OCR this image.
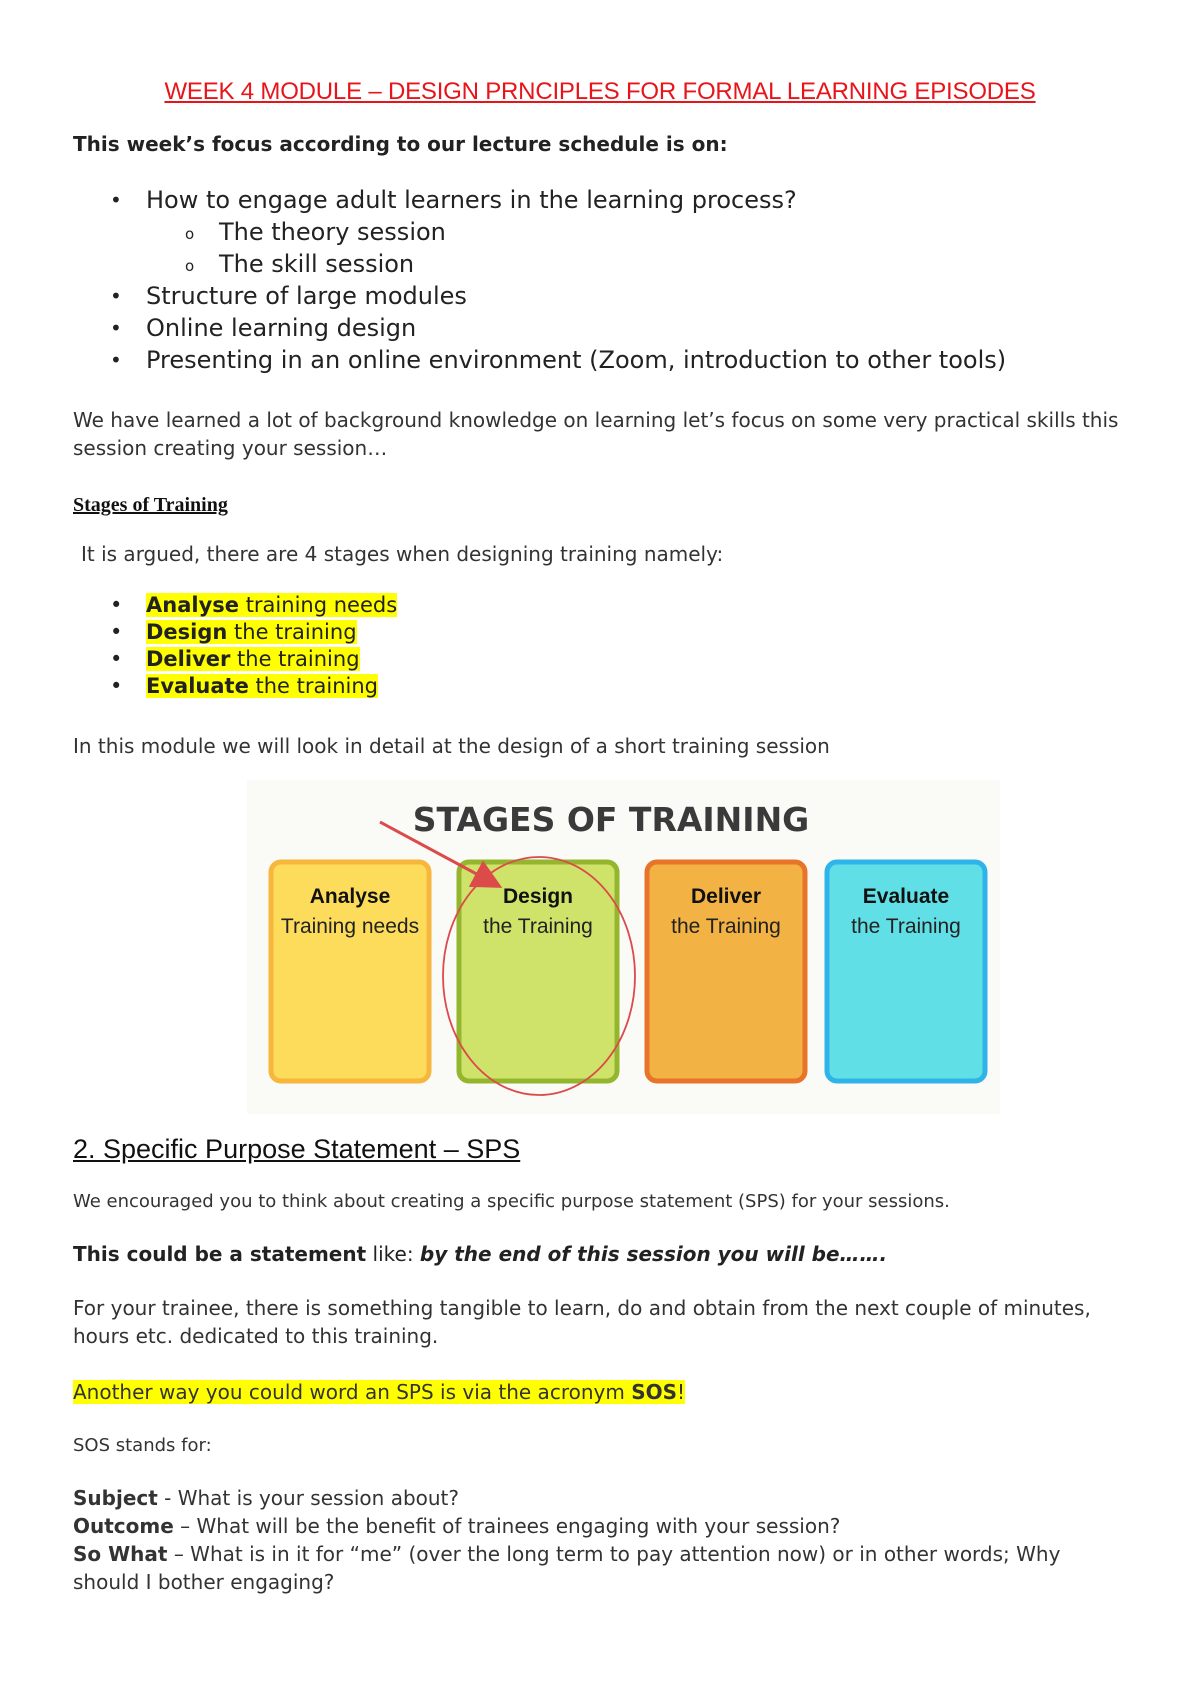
WEEK 4 MODULE – DESIGN PRNCIPLES FOR FORMAL LEARNING EPISODES

This week’s focus according to our lecture schedule is on:

• How to engage adult learners in the learning process?
o The theory session
o The skill session
• Structure of large modules
• Online learning design
• Presenting in an online environment (Zoom, introduction to other tools)

We have learned a lot of background knowledge on learning let’s focus on some very practical skills this session creating your session…

Stages of Training

It is argued, there are 4 stages when designing training namely:

• Analyse training needs
• Design the training
• Deliver the training
• Evaluate the training

In this module we will look in detail at the design of a short training session

STAGES OF TRAINING
Analyse
Training needs
Design
the Training
Deliver
the Training
Evaluate
the Training
2. Specific Purpose Statement – SPS

We encouraged you to think about creating a specific purpose statement (SPS) for your sessions.

This could be a statement like: by the end of this session you will be…….

For your trainee, there is something tangible to learn, do and obtain from the next couple of minutes, hours etc. dedicated to this training.

Another way you could word an SPS is via the acronym SOS!

SOS stands for:

Subject - What is your session about?

Outcome – What will be the benefit of trainees engaging with your session?

So What – What is in it for “me” (over the long term to pay attention now) or in other words; Why should I bother engaging?
